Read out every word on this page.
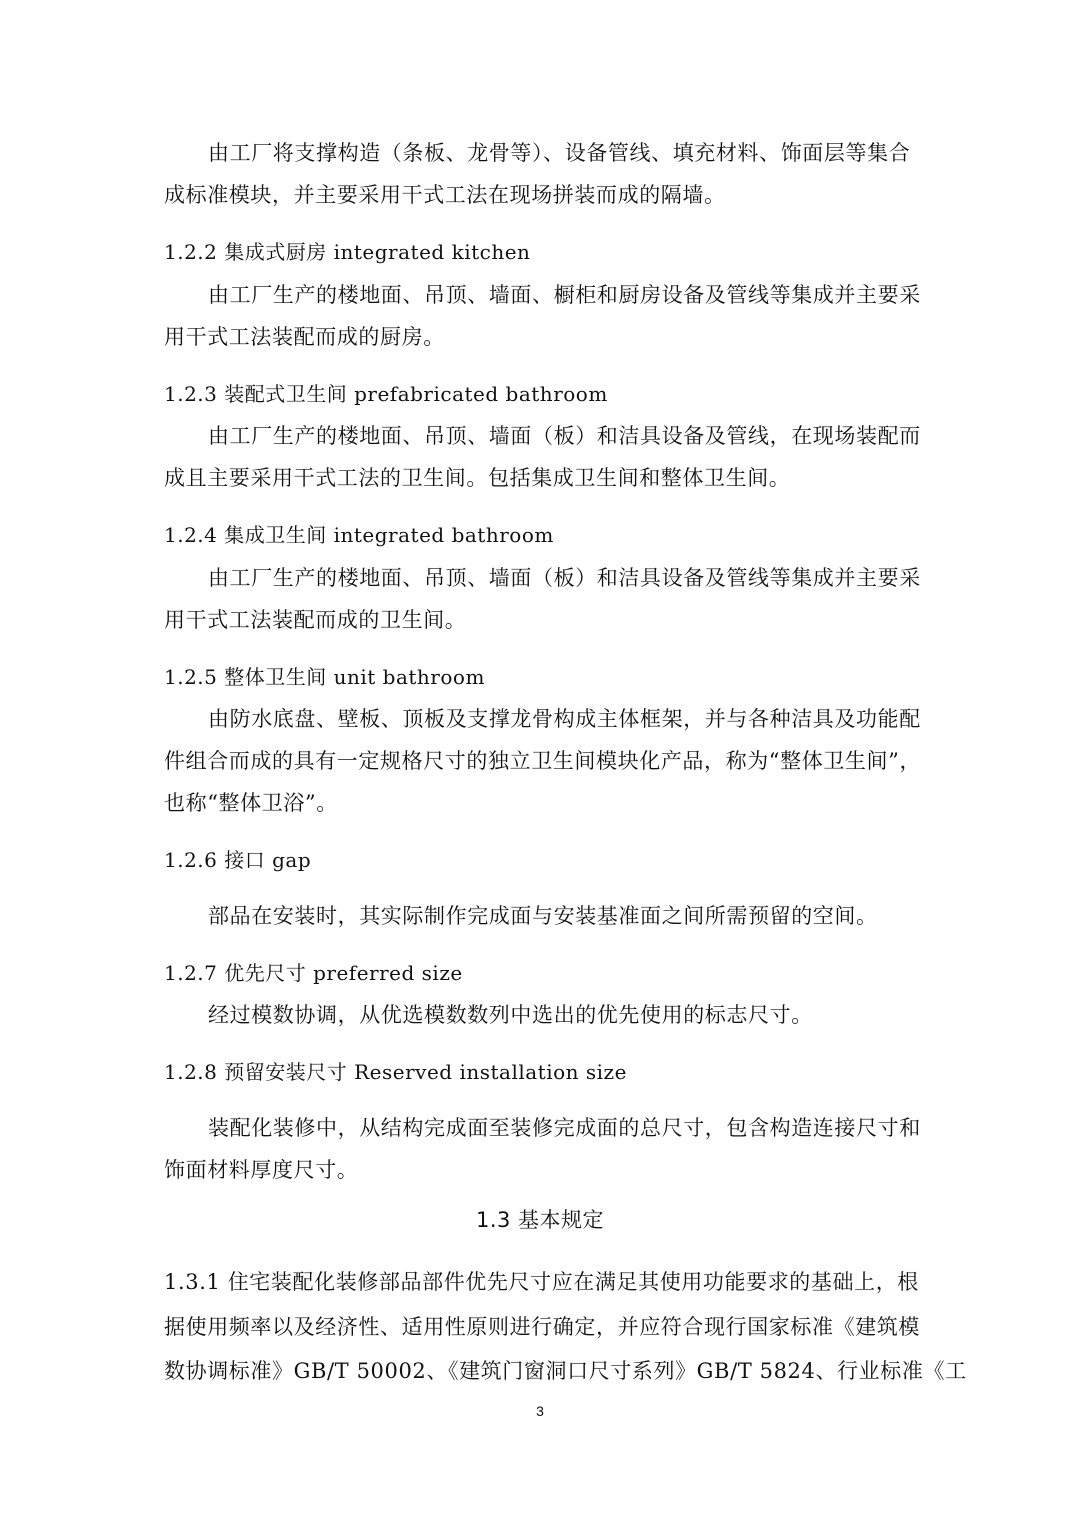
由工厂将支撑构造（条板、龙骨等）、设备管线、填充材料、饰面层等集合
成标准模块，并主要采用干式工法在现场拼装而成的隔墙。
1.2.2 集成式厨房 integrated kitchen
由工厂生产的楼地面、吊顶、墙面、橱柜和厨房设备及管线等集成并主要采
用干式工法装配而成的厨房。
1.2.3 装配式卫生间 prefabricated bathroom
由工厂生产的楼地面、吊顶、墙面（板）和洁具设备及管线，在现场装配而
成且主要采用干式工法的卫生间。包括集成卫生间和整体卫生间。
1.2.4 集成卫生间 integrated bathroom
由工厂生产的楼地面、吊顶、墙面（板）和洁具设备及管线等集成并主要采
用干式工法装配而成的卫生间。
1.2.5 整体卫生间 unit bathroom
由防水底盘、壁板、顶板及支撑龙骨构成主体框架，并与各种洁具及功能配
件组合而成的具有一定规格尺寸的独立卫生间模块化产品，称为“整体卫生间”，
也称“整体卫浴”。
1.2.6 接口 gap
部品在安装时，其实际制作完成面与安装基准面之间所需预留的空间。
1.2.7 优先尺寸 preferred size
经过模数协调，从优选模数数列中选出的优先使用的标志尺寸。
1.2.8 预留安装尺寸 Reserved installation size
装配化装修中，从结构完成面至装修完成面的总尺寸，包含构造连接尺寸和
饰面材料厚度尺寸。
1.3 基本规定
1.3.1 住宅装配化装修部品部件优先尺寸应在满足其使用功能要求的基础上，根
据使用频率以及经济性、适用性原则进行确定，并应符合现行国家标准《建筑模
数协调标准》GB/T 50002、《建筑门窗洞口尺寸系列》GB/T 5824、行业标准《工
3
